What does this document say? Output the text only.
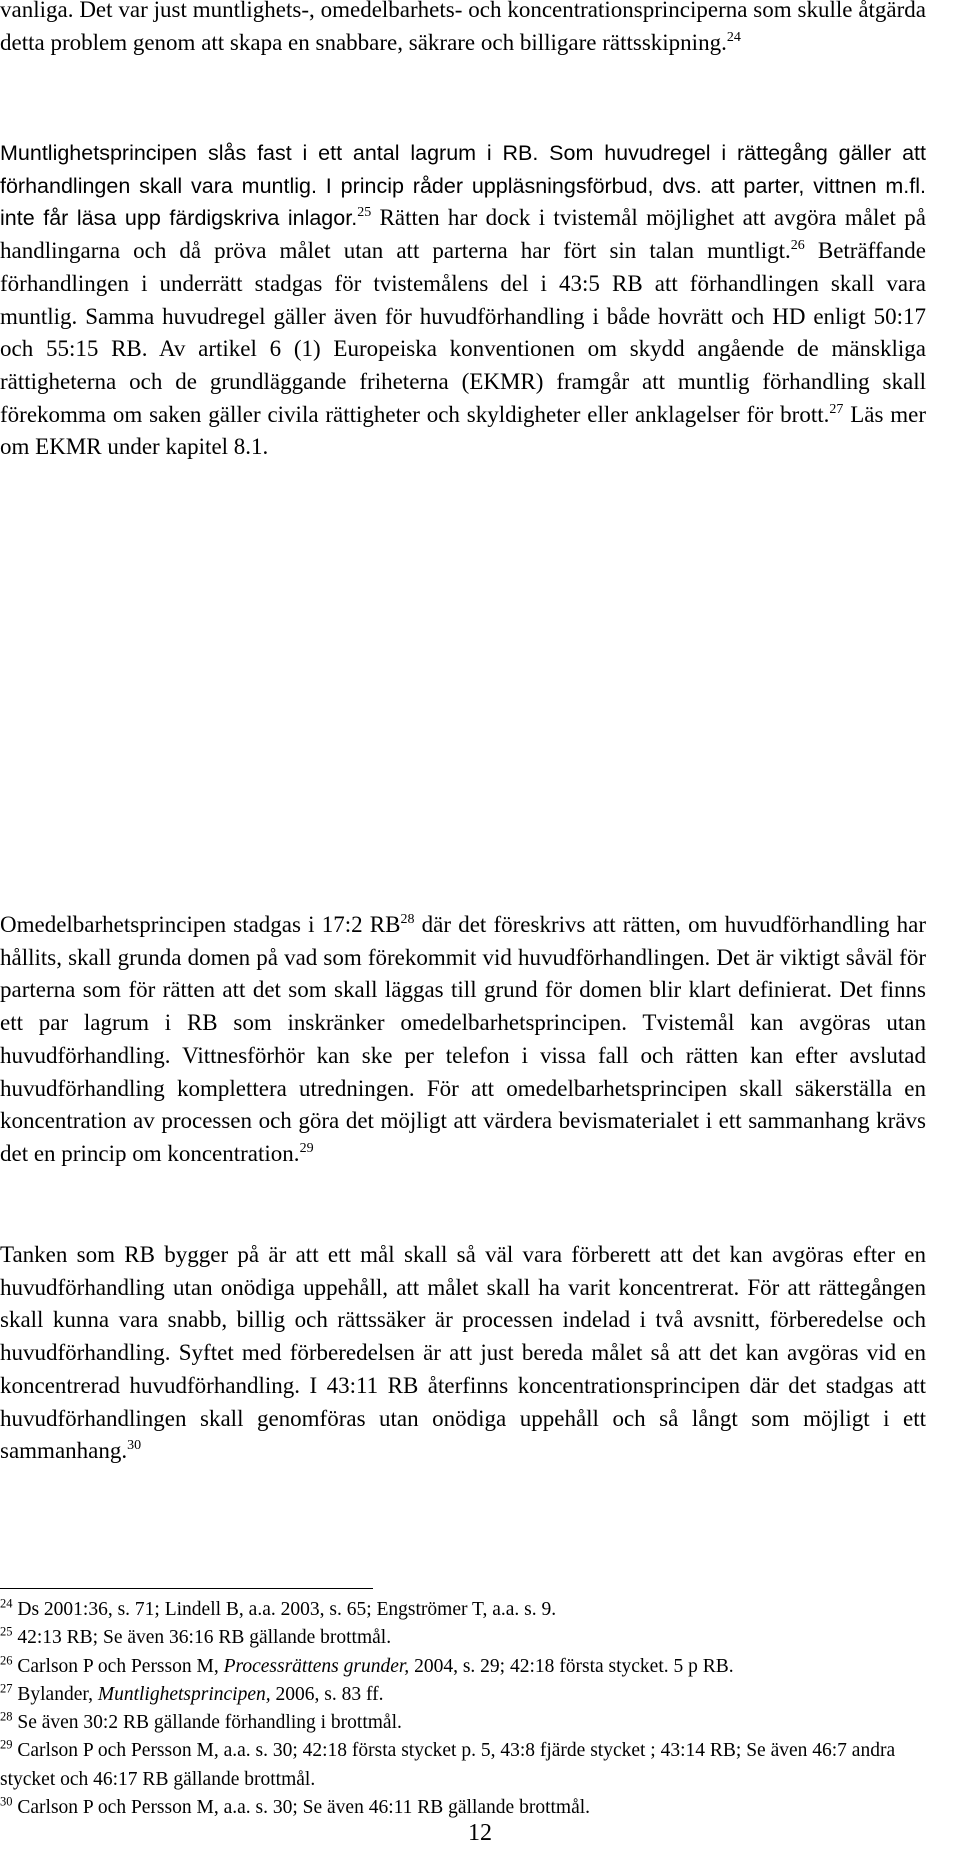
vanliga. Det var just muntlighets-, omedelbarhets- och koncentrationsprinciperna som skulle åtgärda detta problem genom att skapa en snabbare, säkrare och billigare rättsskipning.$^{24}$

Muntlighetsprincipen slås fast i ett antal lagrum i RB. Som huvudregel i rättegång gäller att förhandlingen skall vara muntlig. I princip råder uppläsningsförbud, dvs. att parter, vittnen m.fl. inte får läsa upp färdigskriva inlagor.$^{25}$ Rätten har dock i tvistemål möjlighet att avgöra målet på handlingarna och då pröva målet utan att parterna har fört sin talan muntligt.$^{26}$ Beträffande förhandlingen i underrätt stadgas för tvistemålens del i 43:5 RB att förhandlingen skall vara muntlig. Samma huvudregel gäller även för huvudförhandling i både hovrätt och HD enligt 50:17 och 55:15 RB. Av artikel 6 (1) Europeiska konventionen om skydd angående de mänskliga rättigheterna och de grundläggande friheterna (EKMR) framgår att muntlig förhandling skall förekomma om saken gäller civila rättigheter och skyldigheter eller anklagelser för brott.$^{27}$ Läs mer om EKMR under kapitel 8.1.

Omedelbarhetsprincipen stadgas i 17:2 RB$^{28}$ där det föreskrivs att rätten, om huvudförhandling har hållits, skall grunda domen på vad som förekommit vid huvudförhandlingen. Det är viktigt såväl för parterna som för rätten att det som skall läggas till grund för domen blir klart definierat. Det finns ett par lagrum i RB som inskränker omedelbarhetsprincipen. Tvistemål kan avgöras utan huvudförhandling. Vittnesförhör kan ske per telefon i vissa fall och rätten kan efter avslutad huvudförhandling komplettera utredningen. För att omedelbarhetsprincipen skall säkerställa en koncentration av processen och göra det möjligt att värdera bevismaterialet i ett sammanhang krävs det en princip om koncentration.$^{29}$

Tanken som RB bygger på är att ett mål skall så väl vara förberett att det kan avgöras efter en huvudförhandling utan onödiga uppehåll, att målet skall ha varit koncentrerat. För att rättegången skall kunna vara snabb, billig och rättssäker är processen indelad i två avsnitt, förberedelse och huvudförhandling. Syftet med förberedelsen är att just bereda målet så att det kan avgöras vid en koncentrerad huvudförhandling. I 43:11 RB återfinns koncentrationsprincipen där det stadgas att huvudförhandlingen skall genomföras utan onödiga uppehåll och så långt som möjligt i ett sammanhang.$^{30}$

$^{24}$ Ds 2001:36, s. 71; Lindell B, a.a. 2003, s. 65; Engströmer T, a.a. s. 9.

$^{25}$ 42:13 RB; Se även 36:16 RB gällande brottmål.

$^{26}$ Carlson P och Persson M, Processrättens grunder, 2004, s. 29; 42:18 första stycket. 5 p RB.

$^{27}$ Bylander, Muntlighetsprincipen, 2006, s. 83 ff.

$^{28}$ Se även 30:2 RB gällande förhandling i brottmål.

$^{29}$ Carlson P och Persson M, a.a. s. 30; 42:18 första stycket p. 5, 43:8 fjärde stycket ; 43:14 RB; Se även 46:7 andra stycket och 46:17 RB gällande brottmål.

$^{30}$ Carlson P och Persson M, a.a. s. 30; Se även 46:11 RB gällande brottmål.

12
